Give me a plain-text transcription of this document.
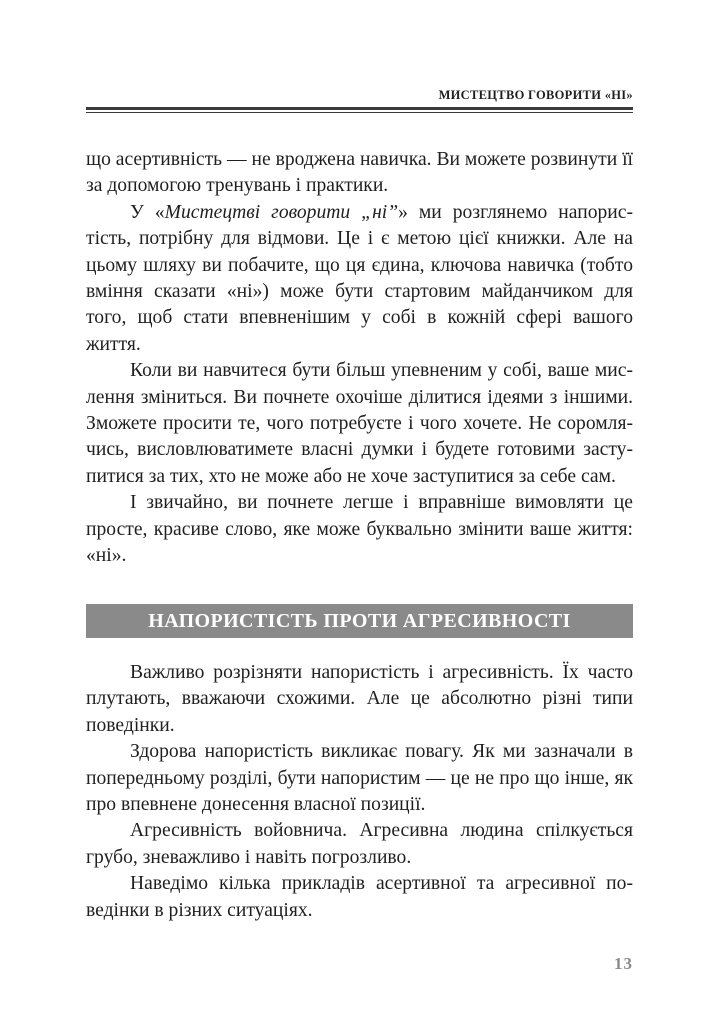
МИСТЕЦТВО ГОВОРИТИ «НІ»

що асертивність — не вроджена навичка. Ви можете розвинути її за допомогою тренувань і практики.

У «Мистецтві говорити „ні”» ми розглянемо напористість, потрібну для відмови. Це і є метою цієї книжки. Але на цьому шляху ви побачите, що ця єдина, ключова навичка (тобто вміння сказати «ні») може бути стартовим майданчиком для того, щоб стати впевненішим у собі в кожній сфері вашого життя.

Коли ви навчитеся бути більш упевненим у собі, ваше мислення зміниться. Ви почнете охочіше ділитися ідеями з іншими. Зможете просити те, чого потребуєте і чого хочете. Не соромлячись, висловлюватимете власні думки і будете готовими заступитися за тих, хто не може або не хоче заступитися за себе сам.

І звичайно, ви почнете легше і вправніше вимовляти це просте, красиве слово, яке може буквально змінити ваше життя: «ні».

НАПОРИСТІСТЬ ПРОТИ АГРЕСИВНОСТІ

Важливо розрізняти напористість і агресивність. Їх часто плутають, вважаючи схожими. Але це абсолютно різні типи поведінки.

Здорова напористість викликає повагу. Як ми зазначали в попередньому розділі, бути напористим — це не про що інше, як про впевнене донесення власної позиції.

Агресивність войовнича. Агресивна людина спілкується грубо, зневажливо і навіть погрозливо.

Наведімо кілька прикладів асертивної та агресивної поведінки в різних ситуаціях.

13
